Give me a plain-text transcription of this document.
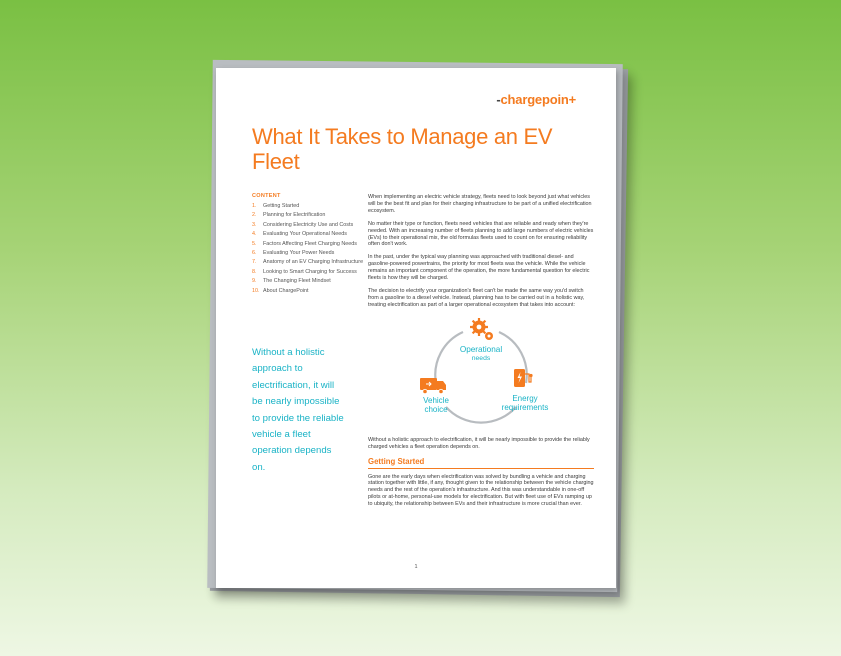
-chargepoin+
What It Takes to Manage an EV Fleet
CONTENT
1.	Getting Started
2.	Planning for Electrification
3.	Considering Electricity Use and Costs
4.	Evaluating Your Operational Needs
5.	Factors Affecting Fleet Charging Needs
6.	Evaluating Your Power Needs
7.	Anatomy of an EV Charging Infrastructure
8.	Looking to Smart Charging for Success
9.	The Changing Fleet Mindset
10. About ChargePoint

Without a holistic approach to electrification, it will be nearly impossible to provide the reliable vehicle a fleet operation depends on.

When implementing an electric vehicle strategy, fleets need to look beyond just what vehicles will be the best fit and plan for their charging infrastructure to be part of a unified electrification ecosystem.

No matter their type or function, fleets need vehicles that are reliable and ready when they're needed. With an increasing number of fleets planning to add large numbers of electric vehicles (EVs) to their operational mix, the old formulas fleets used to count on for ensuring reliability often don't work.

In the past, under the typical way planning was approached with traditional diesel- and gasoline-powered powertrains, the priority for most fleets was the vehicle. While the vehicle remains an important component of the operation, the more fundamental question for electric fleets is how they will be charged.

The decision to electrify your organization's fleet can't be made the same way you'd switch from a gasoline to a diesel vehicle. Instead, planning has to be carried out in a holistic way, treating electrification as part of a larger operational ecosystem that takes into account:

Operational
needs
Vehicle
choice
Energy
requirements

Without a holistic approach to electrification, it will be nearly impossible to provide the reliably charged vehicles a fleet operation depends on.

Getting Started

Gone are the early days when electrification was solved by bundling a vehicle and charging station together with little, if any, thought given to the relationship between the vehicle charging needs and the rest of the operation's infrastructure. And this was understandable in one-off pilots or at-home, personal-use models for electrification. But with fleet use of EVs ramping up to ubiquity, the relationship between EVs and their infrastructure is more crucial than ever.

1
